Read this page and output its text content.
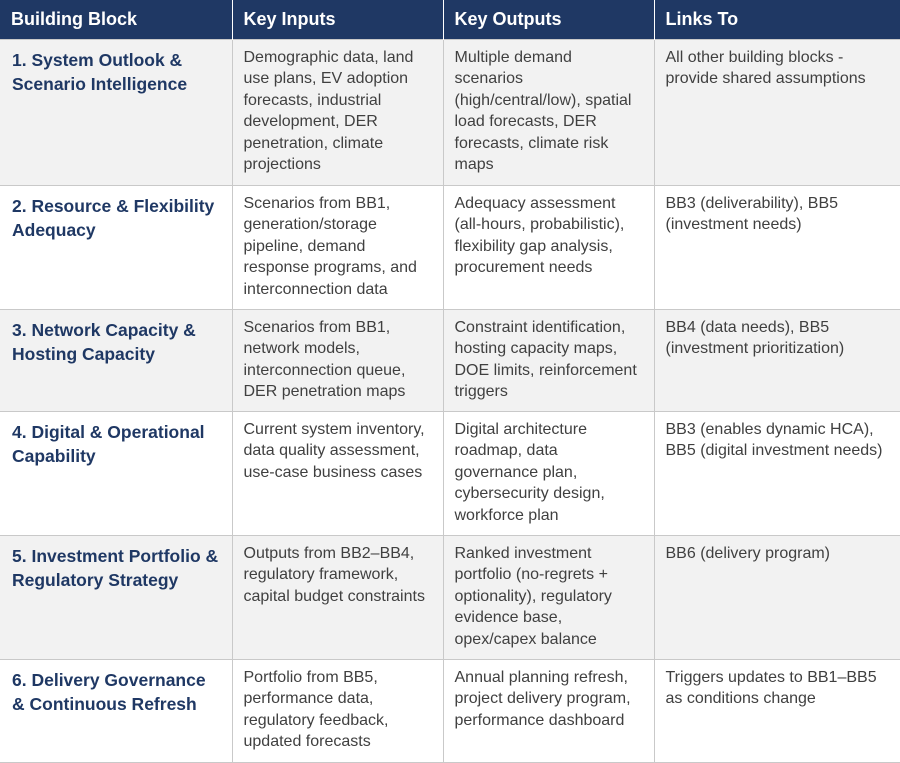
Building Block	Key Inputs	Key Outputs	Links To
1. System Outlook & Scenario Intelligence	Demographic data, land use plans, EV adoption forecasts, industrial development, DER penetration, climate projections	Multiple demand scenarios (high/central/low), spatial load forecasts, DER forecasts, climate risk maps	All other building blocks - provide shared assumptions
2. Resource & Flexibility Adequacy	Scenarios from BB1, generation/storage pipeline, demand response programs, and interconnection data	Adequacy assessment (all-hours, probabilistic), flexibility gap analysis, procurement needs	BB3 (deliverability), BB5 (investment needs)
3. Network Capacity & Hosting Capacity	Scenarios from BB1, network models, interconnection queue, DER penetration maps	Constraint identification, hosting capacity maps, DOE limits, reinforcement triggers	BB4 (data needs), BB5 (investment prioritization)
4. Digital & Operational Capability	Current system inventory, data quality assessment, use-case business cases	Digital architecture roadmap, data governance plan, cybersecurity design, workforce plan	BB3 (enables dynamic HCA), BB5 (digital investment needs)
5. Investment Portfolio & Regulatory Strategy	Outputs from BB2–BB4, regulatory framework, capital budget constraints	Ranked investment portfolio (no-regrets + optionality), regulatory evidence base, opex/capex balance	BB6 (delivery program)
6. Delivery Governance & Continuous Refresh	Portfolio from BB5, performance data, regulatory feedback, updated forecasts	Annual planning refresh, project delivery program, performance dashboard	Triggers updates to BB1–BB5 as conditions change
